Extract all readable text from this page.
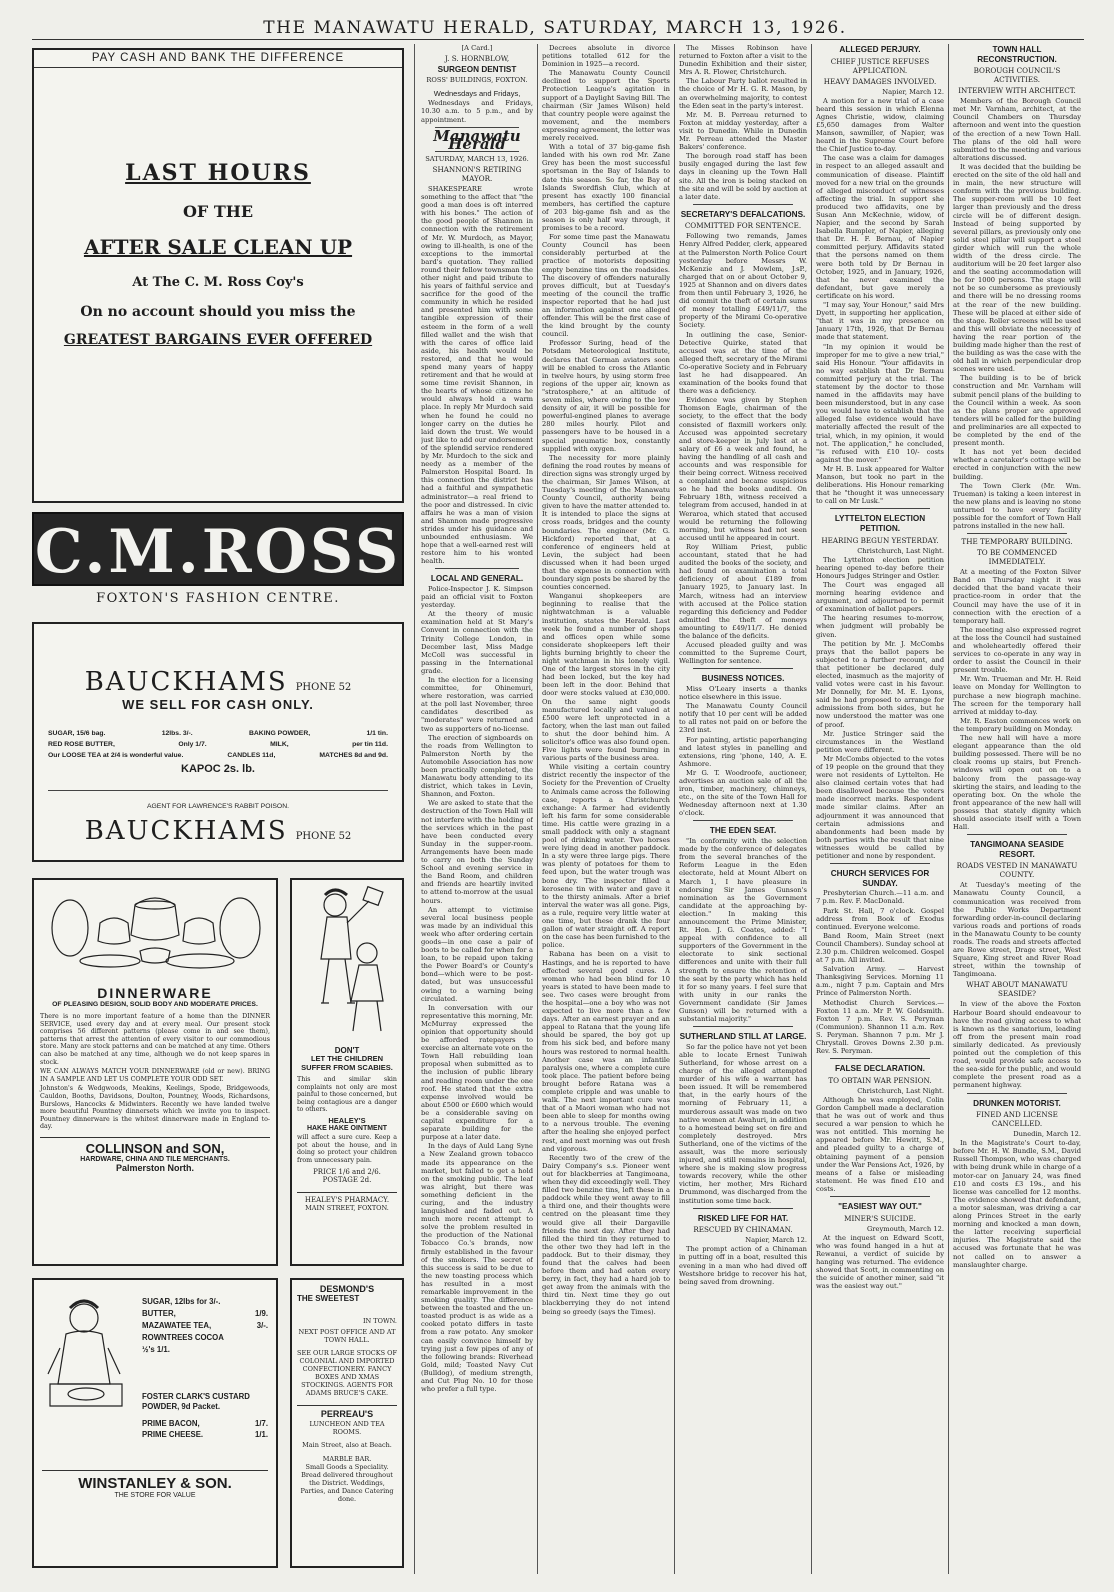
THE MANAWATU HERALD, SATURDAY, MARCH 13, 1926.
PAY CASH AND BANK THE DIFFERENCE
LAST HOURS
OF THE
AFTER SALE CLEAN UP
At The C. M. Ross Coy's
On no account should you miss the
GREATEST BARGAINS EVER OFFERED
C.M.ROSS
FOXTON'S FASHION CENTRE.
BAUCKHAMS PHONE 52
WE SELL FOR CASH ONLY.
SUGAR, 15/6 bag.	12lbs. 3/-.	BAKING POWDER,	1/1 tin.
RED ROSE BUTTER,	Only 1/7.	MILK,	per tin 11d.
Our LOOSE TEA at 2/4 is wonderful value.	CANDLES 11d,	MATCHES 8d and 9d.
KAPOC 2s. lb.
AGENT FOR LAWRENCE'S RABBIT POISON.
BAUCKHAMS PHONE 52
DINNERWARE
OF PLEASING DESIGN, SOLID BODY AND MODERATE PRICES.
There is no more important feature of a home than the DINNER SERVICE, used every day and at every meal. Our present stock comprises 56 different patterns (please come in and see them), patterns that arrest the attention of every visitor to our commodious store. Many are stock patterns and can be matched at any time. Others can also be matched at any time, although we do not keep spares in stock.
WE CAN ALWAYS MATCH YOUR DINNERWARE (old or new). BRING IN A SAMPLE AND LET US COMPLETE YOUR ODD SET.
Johnston's & Wedgwoods, Meakins, Keelings, Spode, Bridgewoods, Cauldon, Booths, Davidsons, Doulton, Pountney, Woods, Richardsons, Burslows, Hancocks & Midwinters. Recently we have landed twelve more beautiful Pountney dinnersets which we invite you to inspect. Pountney dinnerware is the whitest dinnerware made in England to-day.
COLLINSON and SON,
HARDWARE, CHINA AND TILE MERCHANTS.
Palmerston North.
DON'T
LET THE CHILDREN SUFFER FROM SCABIES.
This and similar skin complaints not only are most painful to those concerned, but being contagious are a danger to others.
HEALEY'S
HAKE HAKE OINTMENT
will affect a sure cure. Keep a pot about the house, and in doing so protect your children from unnecessary pain.
PRICE 1/6 and 2/6.
POSTAGE 2d.
HEALEY'S PHARMACY.
MAIN STREET, FOXTON.
SUGAR, 12lbs for 3/-.
BUTTER,	1/9.
MAZAWATEE TEA,	3/-.
ROWNTREES COCOA
½'s 1/1.
FOSTER CLARK'S CUSTARD POWDER, 9d Packet.
PRIME BACON,	1/7.
PRIME CHEESE.	1/1.
WINSTANLEY & SON.
THE STORE FOR VALUE
DESMOND'S
THE SWEETEST
IN TOWN.
NEXT POST OFFICE AND AT TOWN HALL.
SEE OUR LARGE STOCKS OF COLONIAL AND IMPORTED CONFECTIONERY. FANCY BOXES AND XMAS STOCKINGS. AGENTS FOR ADAMS BRUCE'S CAKE.
PERREAU'S
LUNCHEON AND TEA ROOMS.
Main Street, also at Beach.
MARBLE BAR.
Small Goods a Speciality. Bread delivered throughout the District. Weddings, Parties, and Dance Catering done.

[A Card.]

J. S. HORNBLOW,
SURGEON DENTIST

ROSS' BUILDINGS, FOXTON.

Wednesdays and Fridays,

Wednesdays and Fridays, 10.30 a.m. to 5 p.m., and by appointment.

Manawatu Herald

SATURDAY, MARCH 13, 1926.

SHANNON'S RETIRING MAYOR.

SHAKESPEARE wrote something to the affect that "the good a man does is oft interred with his bones." The action of the good people of Shannon in connection with the retirement of Mr. W. Murdoch, as Mayor, owing to ill-health, is one of the exceptions to the immortal bard's quotation. They rallied round their fellow townsman the other night and paid tribute to his years of faithful service and sacrifice for the good of the community in which he resided and presented him with some tangible expression of their esteem in the form of a well filled wallet and the wish that with the cares of office laid aside, his health would be restored, and that he would spend many years of happy retirement and that he would at some time revisit Shannon, in the hearts of whose citizens he would always hold a warm place. In reply Mr Murdoch said when he found he could no longer carry on the duties he laid down the trust. We would just like to add our endorsement of the splendid service rendered by Mr. Murdoch to the sick and needy as a member of the Palmerston Hospital Board. In this connection the district has had a faithful and sympathetic administrator—a real friend to the poor and distressed. In civic affairs he was a man of vision and Shannon made progressive strides under his guidance and unbounded enthusiasm. We hope that a well-earned rest will restore him to his wonted health.

LOCAL AND GENERAL.

Police-Inspector J. K. Simpson paid an official visit to Foxton yesterday.

At the theory of music examination held at St Mary's Convent in connection with the Trinity College London, in December last, Miss Madge McColl was successful in passing in the International grade.

In the election for a licensing committee, for Ohinemuri, where restoration, was carried at the poll last November, three candidates described as "moderates" were returned and two as supporters of no-license.

The erection of signboards on the roads from Wellington to Palmerston North by the Automobile Association has now been practically completed, the Manawatu body attending to its district, which takes in Levin, Shannon, and Foxton.

We are asked to state that the destruction of the Town Hall will not interfere with the holding of the services which in the past have been conducted every Sunday in the supper-room. Arrangements have been made to carry on both the Sunday School and evening service in the Band Room, and children and friends are heartily invited to attend to-morrow at the usual hours.

An attempt to victimise several local business people was made by an individual this week who after ordering certain goods—in one case a pair of boots to be called for when for a loan, to be repaid upon taking the Power Board's or County's bond—which were to be post-dated, but was unsuccessful owing to a warning being circulated.

In conversation with our representative this morning, Mr. McMurray expressed the opinion that opportunity should be afforded ratepayers to exercise an alternate vote on the Town Hall rebuilding loan proposal when submitted as to the inclusion of public library and reading room under the one roof. He stated that the extra expense involved would be about £500 or £600 which would be a considerable saving on capital expenditure for a separate building for the purpose at a later date.

In the days of Auld Lang Syne a New Zealand grown tobacco made its appearance on the market, but failed to get a hold on the smoking public. The leaf was alright, but there was something deficient in the curing, and the industry languished and faded out. A much more recent attempt to solve the problem resulted in the production of the National Tobacco Co.'s brands, now firmly established in the favour of the smokers. The secret of this success is said to be due to the new toasting process which has resulted in a most remarkable improvement in the smoking quality. The difference between the toasted and the un-toasted product is as wide as a cooked potato differs in taste from a raw potato. Any smoker can easily convince himself by trying just a few pipes of any of the following brands: Riverhead Gold, mild; Toasted Navy Cut (Bulldog), of medium strength, and Cut Plug No. 10 for those who prefer a full type.

Decrees absolute in divorce petitions totalled 612 for the Dominion in 1925—a record.

The Manawatu County Council declined to support the Sports Protection League's agitation in support of a Daylight Saving Bill. The chairman (Sir James Wilson) held that country people were against the movement, and the members expressing agreement, the letter was merely received.

With a total of 37 big-game fish landed with his own rod Mr. Zane Grey has been the most successful sportsman in the Bay of Islands to date this season. So far, the Bay of Islands Swordfish Club, which at present has exactly 100 financial members, has certified the capture of 203 big-game fish and as the season is only half way through, it promises to be a record.

For some time past the Manawatu County Council has been considerably perturbed at the practice of motorists depositing empty benzine tins on the roadsides. The discovery of offenders naturally proves difficult, but at Tuesday's meeting of the council the traffic inspector reported that he had just an information against one alleged offender. This will be the first case of the kind brought by the county council.

Professor Suring, head of the Potsdam Meteorological Institute, declares that German aviators soon will be enabled to cross the Atlantic in twelve hours, by using storm free regions of the upper air, known as "stratosphere," at an altitude of seven miles, where owing to the low density of air, it will be possible for powerful-engined planes to average 280 miles hourly. Pilot and passengers have to be housed in a special pneumatic box, constantly supplied with oxygen.

The necessity for more plainly defining the road routes by means of direction signs was strongly urged by the chairman, Sir James Wilson, at Tuesday's meeting of the Manawatu County Council, authority being given to have the matter attended to. It is intended to place the signs at cross roads, bridges and the county boundaries. The engineer (Mr. G. Hickford) reported that, at a conference of engineers held at Levin, the subject had been discussed when it had been urged that the expense in connection with boundary sign posts be shared by the counties concerned.

Wanganui shopkeepers are beginning to realise that the nightwatchman is a valuable institution, states the Herald. Last week he found a number of shops and offices open while some considerate shopkeepers left their lights burning brightly to cheer the night watchman in his lonely vigil. One of the largest stores in the city had been locked, but the key had been left in the door. Behind that door were stocks valued at £30,000. On the same night goods manufactured locally and valued at £500 were left unprotected in a factory, when the last man out failed to shut the door behind him. A solicitor's office was also found open. Five lights were found burning in various parts of the business area.

While visiting a certain country district recently the inspector of the Society for the Prevention of Cruelty to Animals came across the following case, reports a Christchurch exchange: A farmer had evidently left his farm for some considerable time. His cattle were grazing in a small paddock with only a stagnant pool of drinking water. Two horses were lying dead in another paddock. In a sty were three large pigs. There was plenty of potatoes for them to feed upon, but the water trough was bone dry. The inspector filled a kerosene tin with water and gave it to the thirsty animals. After a brief interval the water was all gone. Pigs, as a rule, require very little water at one time, but these drank the four gallon of water straight off. A report on the case has been furnished to the police.

Rabana has been on a visit to Hastings, and he is reported to have effected several good cures. A woman who had been blind for 10 years is stated to have been made to see. Two cases were brought from the hospital—one a boy who was not expected to live more than a few days. After an earnest prayer and an appeal to Ratana that the young life should be spared, the boy got up from his sick bed, and before many hours was restored to normal health. Another case was an infantile paralysis one, where a complete cure took place. The patient before being brought before Ratana was a complete cripple and was unable to walk. The next important cure was that of a Maori woman who had not been able to sleep for months owing to a nervous trouble. The evening after the healing she enjoyed perfect rest, and next morning was out fresh and vigorous.

Recently two of the crew of the Dairy Company's s.s. Pioneer went out for blackberries at Tangimoana, when they did exceedingly well. They filled two benzine tins, left these in a paddock while they went away to fill a third one, and their thoughts were centred on the pleasant time they would give all their Dargaville friends the next day. After they had filled the third tin they returned to the other two they had left in the paddock. But to their dismay, they found that the calves had been before them and had eaten every berry, in fact, they had a hard job to get away from the animals with the third tin. Next time they go out blackberrying they do not intend being so greedy (says the Times).

The Misses Robinson have returned to Foxton after a visit to the Dunedin Exhibition and their sister, Mrs A. R. Flower, Christchurch.

The Labour Party ballot resulted in the choice of Mr H. G. R. Mason, by an overwhelming majority, to contest the Eden seat in the party's interest.

Mr. M. B. Perreau returned to Foxton at midday yesterday, after a visit to Dunedin. While in Dunedin Mr. Perreau attended the Master Bakers' conference.

The borough road staff has been busily engaged during the last few days in cleaning up the Town Hall site. All the iron is being stacked on the site and will be sold by auction at a later date.

SECRETARY'S DEFALCATIONS.
COMMITTED FOR SENTENCE.

Following two remands, James Henry Alfred Pedder, clerk, appeared at the Palmerston North Police Court yesterday before Messrs W. McKenzie and J. Mowlem, J.sP., charged that on or about October 9, 1925 at Shannon and on divers dates from then until February 3, 1926, he did commit the theft of certain sums of money totalling £49/11/7, the property of the Mirami Co-operative Society.

In outlining the case, Senior-Detective Quirke, stated that accused was at the time of the alleged theft, secretary of the Mirami Co-operative Society and in February last he had disappeared. An examination of the books found that there was a deficiency.

Evidence was given by Stephen Thomson Eagle, chairman of the society, to the effect that the body consisted of flaxmill workers only. Accused was appointed secretary and store-keeper in July last at a salary of £6 a week and found, he having the handling of all cash and accounts and was responsible for their being correct. Witness received a complaint and became suspicious so he had the books audited. On February 18th, witness received a telegram from accused, handed in at Weraroa, which stated that accused would be returning the following morning, but witness had not seen accused until he appeared in court.

Roy William Priest, public accountant, stated that he had audited the books of the society, and had found on examination a total deficiency of about £189 from January 1925, to January last. In March, witness had an interview with accused at the Police station regarding this deficiency and Pedder admitted the theft of moneys amounting to £49/11/7. He denied the balance of the deficits.

Accused pleaded guilty and was committed to the Supreme Court, Wellington for sentence.

BUSINESS NOTICES.

Miss O'Leary inserts a thanks notice elsewhere in this issue.

The Manawatu County Council notify that 10 per cent will be added to all rates not paid on or before the 23rd inst.

For painting, artistic paperhanging and latest styles in panelling and extensions, ring 'phone, 140, A. E. Ashmore.

Mr G. T. Woodroofe, auctioneer, advertises an auction sale of all the iron, timber, machinery, chimneys, etc., on the site of the Town Hall for Wednesday afternoon next at 1.30 o'clock.

THE EDEN SEAT.

"In conformity with the selection made by the conference of delegates from the several branches of the Reform League in the Eden electorate, held at Mount Albert on March 1, I have pleasure in endorsing Sir James Gunson's nomination as the Government candidate at the approaching by-election." In making this announcement the Prime Minister, Rt. Hon. J. G. Coates, added: "I appeal with confidence to all supporters of the Government in the electorate to sink sectional differences and unite with their full strength to ensure the retention of the seat by the party which has held it for so many years. I feel sure that with unity in our ranks the Government candidate (Sir James Gunson) will be returned with a substantial majority."

SUTHERLAND STILL AT LARGE.

So far the police have not yet been able to locate Ernest Tuniwah Sutherland, for whose arrest on a charge of the alleged attempted murder of his wife a warrant has been issued. It will be remembered that, in the early hours of the morning of February 11, a murderous assault was made on two native women at Awahuri, in addition to a homestead being set on fire and completely destroyed. Mrs Sutherland, one of the victims of the assault, was the more seriously injured, and still remains in hospital, where she is making slow progress towards recovery, while the other victim, her mother, Mrs Richard Drummond, was discharged from the institution some time back.

RISKED LIFE FOR HAT.
RESCUED BY CHINAMAN.

Napier, March 12.

The prompt action of a Chinaman in putting off in a boat, resulted this evening in a man who had dived off Westshore bridge to recover his hat, being saved from drowning.

ALLEGED PERJURY.
CHIEF JUSTICE REFUSES APPLICATION.
HEAVY DAMAGES INVOLVED.

Napier, March 12.

A motion for a new trial of a case heard this session in which Elenna Agnes Christie, widow, claiming £5,650 damages from Walter Manson, sawmiller, of Napier, was heard in the Supreme Court before the Chief Justice to-day.

The case was a claim for damages in respect to an alleged assault and communication of disease. Plaintiff moved for a new trial on the grounds of alleged misconduct of witnesses affecting the trial. In support she produced two affidavits, one by Susan Ann McKechnie, widow, of Napier, and the second by Sarah Isabella Rumpler, of Napier, alleging that Dr. H. F. Bernau, of Napier committed perjury. Affidavits stated that the persons named on them were both told by Dr Bernau in October, 1925, and in January, 1926, that he never examined the defendant, but gave merely a certificate on his word.

"I may say, Your Honour," said Mrs Dyett, in supporting her application, "that it was in my presence on January 17th, 1926, that Dr Bernau made that statement.

"In my opinion it would be improper for me to give a new trial," said His Honour. "Your affidavits in no way establish that Dr Bernau committed perjury at the trial. The statement by the doctor to those named in the affidavits may have been misunderstood, but in any case you would have to establish that the alleged false evidence would have materially affected the result of the trial, which, in my opinion, it would not. The application," he concluded, "is refused with £10 10/- costs against the mover."

Mr H. B. Lusk appeared for Walter Manson, but took no part in the deliberations. His Honour remarking that he "thought it was unnecessary to call on Mr Lusk."

LYTTELTON ELECTION PETITION.
HEARING BEGUN YESTERDAY.

Christchurch, Last Night.

The Lyttelton election petition hearing opened to-day before their Honours Judges Stringer and Ostler.

The Court was engaged all morning hearing evidence and argument, and adjourned to permit of examination of ballot papers.

The hearing resumes to-morrow, when judgment will probably be given.

The petition by Mr. J. McCombs prays that the ballot papers be subjected to a further recount, and that petitioner be declared duly elected, inasmuch as the majority of valid votes were cast in his favour. Mr Donnelly, for Mr. M. E. Lyons, said he had proposed to arrange for admissions from both sides, but he now understood the matter was one of proof.

Mr. Justice Stringer said the circumstances in the Westland petition were different.

Mr McCombs objected to the votes of 19 people on the ground that they were not residents of Lyttelton. He also claimed certain votes that had been disallowed because the voters made incorrect marks. Respondent made similar claims. After an adjournment it was announced that certain admissions and abandonments had been made by both parties with the result that nine witnesses would be called by petitioner and none by respondent.

CHURCH SERVICES FOR SUNDAY.

Presbyterian Church.—11 a.m. and 7 p.m. Rev. F. MacDonald.

Park St. Hall, 7 o'clock. Gospel address from Book of Exodus continued. Everyone welcome.

Band Room, Main Street (next Council Chambers). Sunday school at 2.30 p.m. Children welcomed. Gospel at 7 p.m. All invited.

Salvation Army. — Harvest Thanksgiving Services. Morning 11 a.m., night 7 p.m. Captain and Mrs Prince of Palmerston North.

Methodist Church Services.— Foxton 11 a.m. Mr P. W. Goldsmith. Foxton 7 p.m. Rev. S. Peryman (Communion). Shannon 11 a.m. Rev. S. Peryman. Shannon 7 p.m. Mr J. Chrystall. Groves Downs 2.30 p.m. Rev. S. Peryman.

FALSE DECLARATION.
TO OBTAIN WAR PENSION.

Christchurch, Last Night.

Although he was employed, Colin Gordon Campbell made a declaration that he was out of work and thus secured a war pension to which he was not entitled. This morning he appeared before Mr. Hewitt, S.M., and pleaded guilty to a charge of obtaining payment of a pension under the War Pensions Act, 1926, by means of a false or misleading statement. He was fined £10 and costs.

"EASIEST WAY OUT."
MINER'S SUICIDE.

Greymouth, March 12.

At the inquest on Edward Scott, who was found hanged in a hut at Rewanui, a verdict of suicide by hanging was returned. The evidence showed that Scott, in commenting on the suicide of another miner, said "it was the easiest way out."

TOWN HALL RECONSTRUCTION.
BOROUGH COUNCIL'S ACTIVITIES.
INTERVIEW WITH ARCHITECT.

Members of the Borough Council met Mr. Varnham, architect, at the Council Chambers on Thursday afternoon and went into the question of the erection of a new Town Hall. The plans of the old hall were submitted to the meeting and various alterations discussed.

It was decided that the building be erected on the site of the old hall and in main, the new structure will conform with the previous building. The supper-room will be 10 feet larger than previously and the dress circle will be of different design. Instead of being supported by several pillars, as previously only one solid steel pillar will support a steel girder which will run the whole width of the dress circle. The auditorium will be 20 feet larger also and the seating accommodation will be for 1000 persons. The stage will not be so cumbersome as previously and there will be no dressing rooms at the rear of the new building. These will be placed at either side of the stage. Roller screens will be used and this will obviate the necessity of having the rear portion of the building made higher than the rest of the building as was the case with the old hall in which perpendicular drop scenes were used.

The building is to be of brick construction and Mr. Varnham will submit pencil plans of the building to the Council within a week. As soon as the plans proper are approved tenders will be called for the building and preliminaries are all expected to be completed by the end of the present month.

It has not yet been decided whether a caretaker's cottage will be erected in conjunction with the new building.

The Town Clerk (Mr. Wm. Trueman) is taking a keen interest in the new plans and is leaving no stone unturned to have every facility possible for the comfort of Town Hall patrons installed in the new hall.

THE TEMPORARY BUILDING.
TO BE COMMENCED IMMEDIATELY.

At a meeting of the Foxton Silver Band on Thursday night it was decided that the band vacate their practice-room in order that the Council may have the use of it in connection with the erection of a temporary hall.

The meeting also expressed regret at the loss the Council had sustained and wholeheartedly offered their services to co-operate in any way in order to assist the Council in their present trouble.

Mr. Wm. Trueman and Mr. H. Reid leave on Monday for Wellington to purchase a new biograph machine. The screen for the temporary hall arrived at midday to-day.

Mr. R. Easton commences work on the temporary building on Monday.

The new hall will have a more elegant appearance than the old building possessed. There will be no cloak rooms up stairs, but French-windows will open out on to a balcony from the passage-way skirting the stairs, and leading to the operating box. On the whole the front appearance of the new hall will possess that stately dignity which should associate itself with a Town Hall.

TANGIMOANA SEASIDE RESORT.
ROADS VESTED IN MANAWATU COUNTY.

At Tuesday's meeting of the Manawatu County Council, a communication was received from the Public Works Department forwarding order-in-council declaring various roads and portions of roads in the Manawatu County to be county roads. The roads and streets affected are Rowe street, Drage street, West Square, King street and River Road street, within the township of Tangimoana.

WHAT ABOUT MANAWATU SEASIDE?

In view of the above the Foxton Harbour Board should endeavour to have the road giving access to what is known as the sanatorium, leading off from the present main road similarly dedicated. As previously pointed out the completion of this road, would provide safe access to the sea-side for the public, and would complete the present road as a permanent highway.

DRUNKEN MOTORIST.
FINED AND LICENSE CANCELLED.

Dunedin, March 12.

In the Magistrate's Court to-day, before Mr. H. W. Bundle, S.M., David Russell Thompson, who was charged with being drunk while in charge of a motor-car on January 24, was fined £10 and costs £3 19s., and his license was cancelled for 12 months. The evidence showed that defendant, a motor salesman, was driving a car along Princes Street in the early morning and knocked a man down, the latter receiving superficial injuries. The Magistrate said the accused was fortunate that he was not called on to answer a manslaughter charge.
